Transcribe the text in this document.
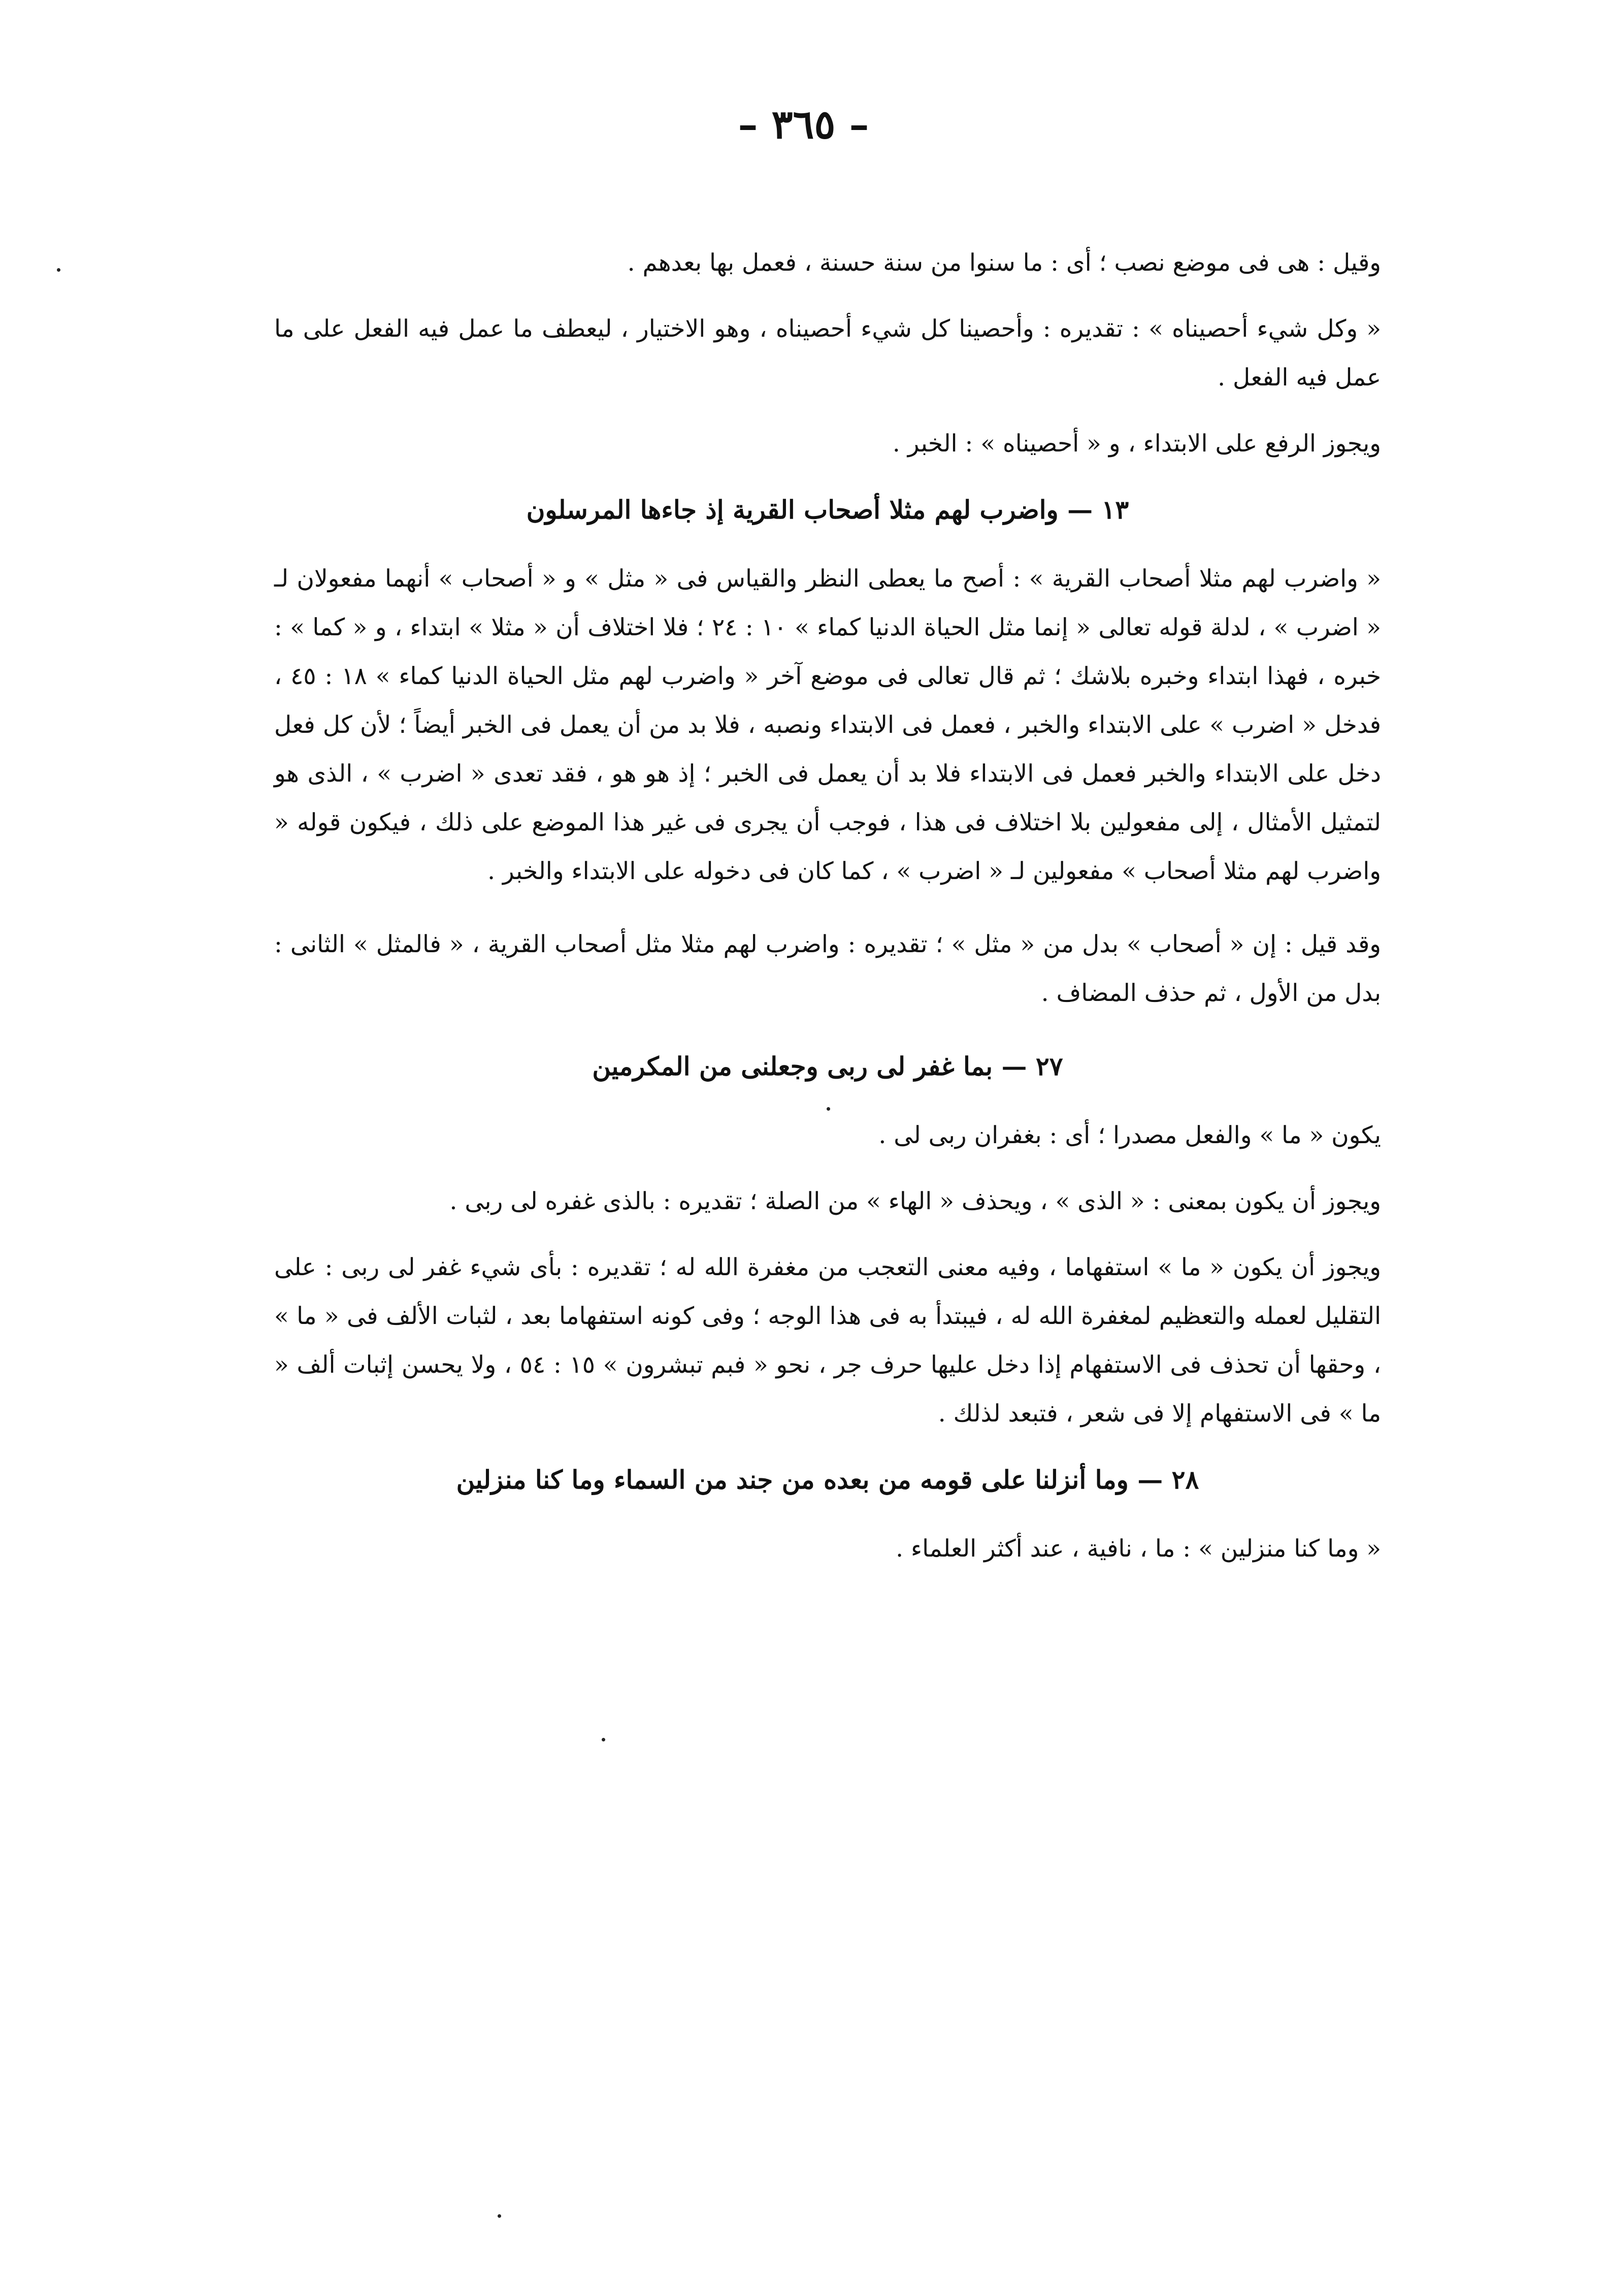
– ٣٦٥ –

وقيل : هى فى موضع نصب ؛ أى : ما سنوا من سنة حسنة ، فعمل بها بعدهم .

« وكل شيء أحصيناه » : تقديره : وأحصينا كل شيء أحصيناه ، وهو الاختيار ، ليعطف ما عمل فيه الفعل على ما عمل فيه الفعل .

ويجوز الرفع على الابتداء ، و « أحصيناه » : الخبر .

١٣ — واضرب لهم مثلا أصحاب القرية إذ جاءها المرسلون

« واضرب لهم مثلا أصحاب القرية » : أصح ما يعطى النظر والقياس فى « مثل » و « أصحاب » أنهما مفعولان لـ « اضرب » ، لدلة قوله تعالى « إنما مثل الحياة الدنيا كماء » ١٠ : ٢٤ ؛ فلا اختلاف أن « مثلا » ابتداء ، و « كما » : خبره ، فهذا ابتداء وخبره بلاشك ؛ ثم قال تعالى فى موضع آخر « واضرب لهم مثل الحياة الدنيا كماء » ١٨ : ٤٥ ، فدخل « اضرب » على الابتداء والخبر ، فعمل فى الابتداء ونصبه ، فلا بد من أن يعمل فى الخبر أيضاً ؛ لأن كل فعل دخل على الابتداء والخبر فعمل فى الابتداء فلا بد أن يعمل فى الخبر ؛ إذ هو هو ، فقد تعدى « اضرب » ، الذى هو لتمثيل الأمثال ، إلى مفعولين بلا اختلاف فى هذا ، فوجب أن يجرى فى غير هذا الموضع على ذلك ، فيكون قوله « واضرب لهم مثلا أصحاب » مفعولين لـ « اضرب » ، كما كان فى دخوله على الابتداء والخبر .

وقد قيل : إن « أصحاب » بدل من « مثل » ؛ تقديره : واضرب لهم مثلا مثل أصحاب القرية ، « فالمثل » الثانى : بدل من الأول ، ثم حذف المضاف .

٢٧ — بما غفر لى ربى وجعلنى من المكرمين

يكون « ما » والفعل مصدرا ؛ أى : بغفران ربى لى .

ويجوز أن يكون بمعنى : « الذى » ، ويحذف « الهاء » من الصلة ؛ تقديره : بالذى غفره لى ربى .

ويجوز أن يكون « ما » استفهاما ، وفيه معنى التعجب من مغفرة الله له ؛ تقديره : بأى شيء غفر لى ربى : على التقليل لعمله والتعظيم لمغفرة الله له ، فيبتدأ به فى هذا الوجه ؛ وفى كونه استفهاما بعد ، لثبات الألف فى « ما » ، وحقها أن تحذف فى الاستفهام إذا دخل عليها حرف جر ، نحو « فبم تبشرون » ١٥ : ٥٤ ، ولا يحسن إثبات ألف « ما » فى الاستفهام إلا فى شعر ، فتبعد لذلك .

٢٨ — وما أنزلنا على قومه من بعده من جند من السماء وما كنا منزلين

« وما كنا منزلين » : ما ، نافية ، عند أكثر العلماء .
